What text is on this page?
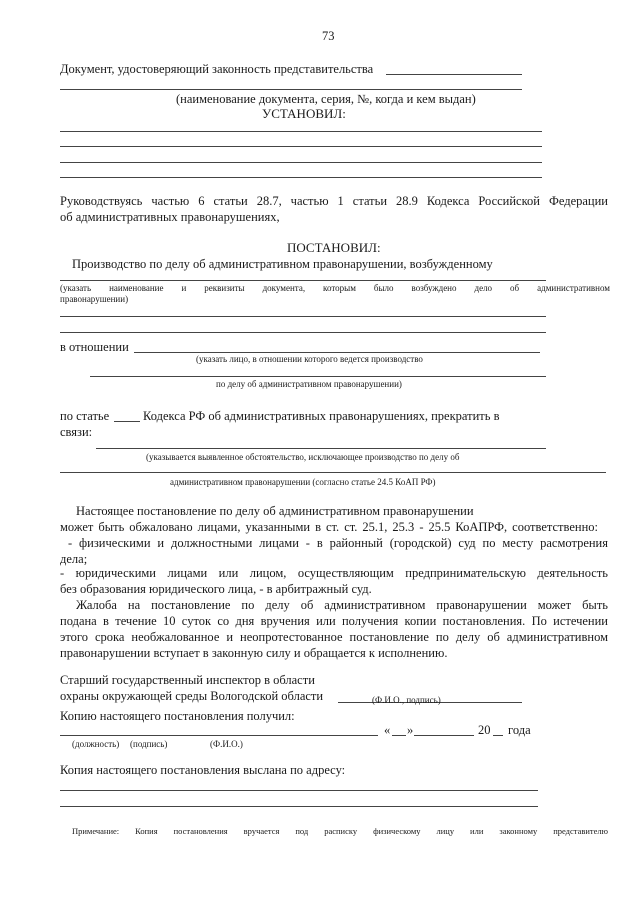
73
Документ, удостоверяющий законность представительства
(наименование документа, серия, №, когда и кем выдан)
УСТАНОВИЛ:
Руководствуясь частью 6 статьи 28.7, частью 1 статьи 28.9 Кодекса Российской Федерации
об административных правонарушениях,
ПОСТАНОВИЛ:
Производство по делу об административном правонарушении, возбужденному
(указать наименование и реквизиты документа, которым было возбуждено дело об административном
правонарушении)
в отношении
(указать лицо, в отношении которого ведется производство
по делу об административном правонарушении)
по статье	Кодекса РФ об административных правонарушениях, прекратить в
связи:
(указывается выявленное обстоятельство, исключающее производство по делу об
административном правонарушении (согласно статье 24.5 КоАП РФ)
Настоящее постановление по делу об административном правонарушении
может быть обжаловано лицами, указанными в ст. ст. 25.1, 25.3 - 25.5 КоАПРФ, соответственно:
- физическими и должностными лицами - в районный (городской) суд по месту расмотрения
дела;
- юридическими лицами или лицом, осуществляющим предпринимательскую деятельность
без образования юридического лица, - в арбитражный суд.
Жалоба на постановление по делу об административном правонарушении может быть
подана в течение 10 суток со дня вручения или получения копии постановления. По истечении
этого срока необжалованное и неопротестованное постановление по делу об административном
правонарушении вступает в законную силу и обращается к исполнению.
Старший государственный инспектор в области
охраны окружающей среды Вологодской области	(Ф.И.О., подпись)
Копию настоящего постановления получил:
« »	20 года
(должность) (подпись)	(Ф.И.О.)
Копия настоящего постановления выслана по адресу:
Примечание: Копия постановления вручается под расписку физическому лицу или законному представителю
